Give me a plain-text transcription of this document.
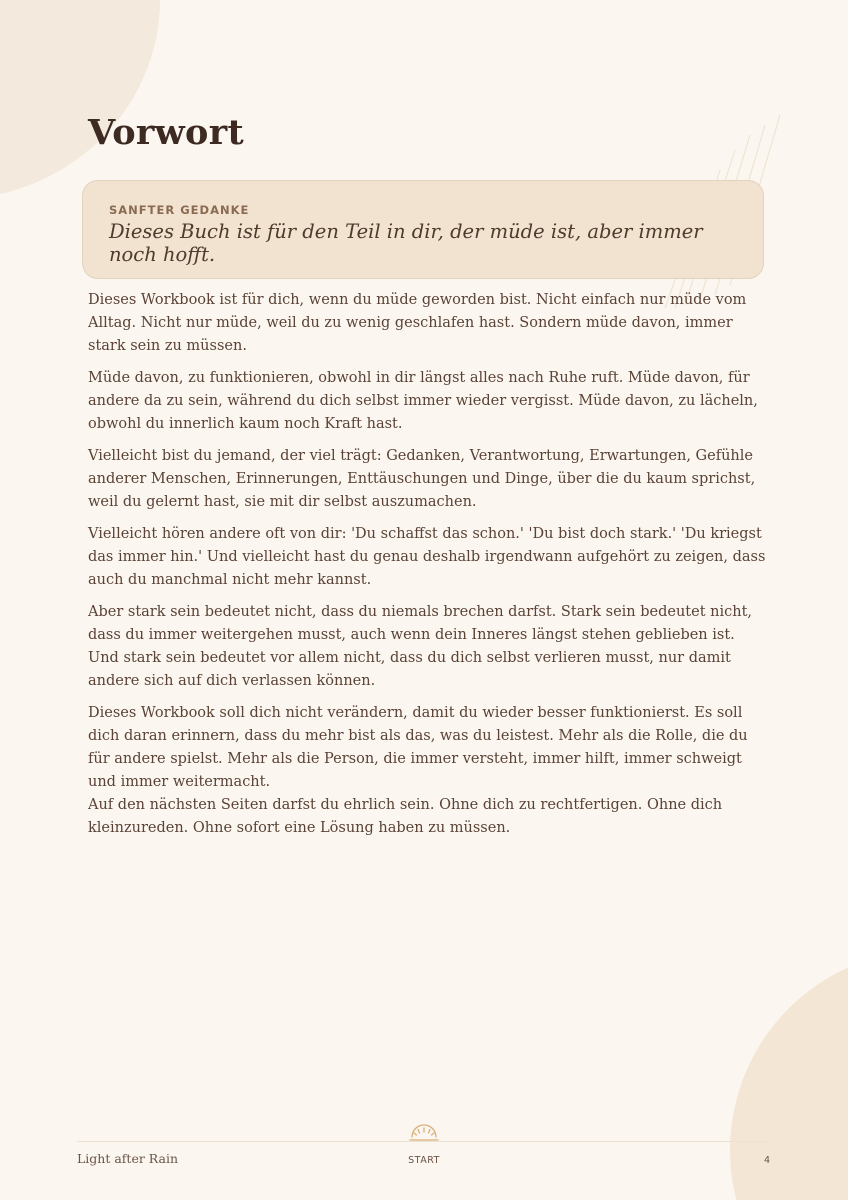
Vorwort
SANFTER GEDANKE
Dieses Buch ist für den Teil in dir, der müde ist, aber immer noch hofft.

Dieses Workbook ist für dich, wenn du müde geworden bist. Nicht einfach nur müde vom Alltag. Nicht nur müde, weil du zu wenig geschlafen hast. Sondern müde davon, immer stark sein zu müssen.

Müde davon, zu funktionieren, obwohl in dir längst alles nach Ruhe ruft. Müde davon, für andere da zu sein, während du dich selbst immer wieder vergisst. Müde davon, zu lächeln, obwohl du innerlich kaum noch Kraft hast.

Vielleicht bist du jemand, der viel trägt: Gedanken, Verantwortung, Erwartungen, Gefühle anderer Menschen, Erinnerungen, Enttäuschungen und Dinge, über die du kaum sprichst, weil du gelernt hast, sie mit dir selbst auszumachen.

Vielleicht hören andere oft von dir: 'Du schaffst das schon.' 'Du bist doch stark.' 'Du kriegst das immer hin.' Und vielleicht hast du genau deshalb irgendwann aufgehört zu zeigen, dass auch du manchmal nicht mehr kannst.

Aber stark sein bedeutet nicht, dass du niemals brechen darfst. Stark sein bedeutet nicht, dass du immer weitergehen musst, auch wenn dein Inneres längst stehen geblieben ist. Und stark sein bedeutet vor allem nicht, dass du dich selbst verlieren musst, nur damit andere sich auf dich verlassen können.

Dieses Workbook soll dich nicht verändern, damit du wieder besser funktionierst. Es soll dich daran erinnern, dass du mehr bist als das, was du leistest. Mehr als die Rolle, die du für andere spielst. Mehr als die Person, die immer versteht, immer hilft, immer schweigt und immer weitermacht.

Auf den nächsten Seiten darfst du ehrlich sein. Ohne dich zu rechtfertigen. Ohne dich kleinzureden. Ohne sofort eine Lösung haben zu müssen.

Light after Rain	START	4
